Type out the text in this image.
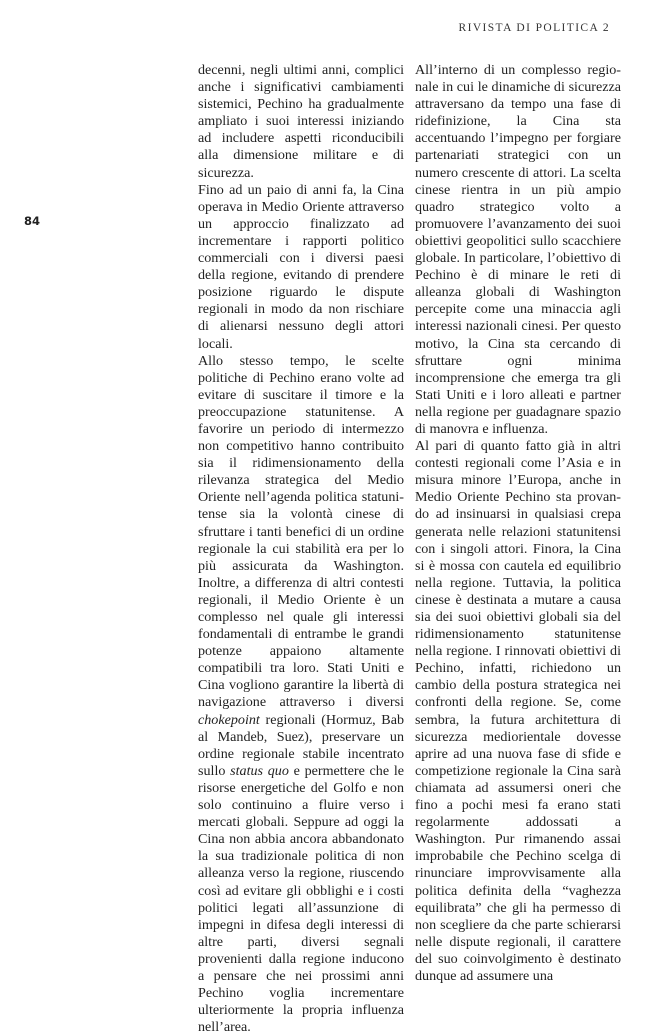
RIVISTA DI POLITICA 2
84

decenni, negli ultimi anni, complici anche i significativi cambiamenti sistemici, Pechino ha gradualmente ampliato i suoi interessi iniziando ad includere aspetti riconducibili alla dimensione militare e di sicurezza.

Fino ad un paio di anni fa, la Cina operava in Medio Oriente attraverso un approccio finalizzato ad incrementare i rapporti politico commerciali con i diversi paesi della regione, evitando di prendere posizione riguardo le dispute regionali in modo da non rischiare di alienarsi nessuno degli attori locali.

Allo stesso tempo, le scelte politiche di Pechino erano volte ad evitare di suscitare il timore e la preoccupazione statunitense. A favorire un periodo di intermezzo non competitivo hanno contribuito sia il ridimensionamento della rilevanza strategica del Medio Oriente nell’agenda politica statunitense sia la volontà cinese di sfruttare i tanti benefici di un ordine regionale la cui stabilità era per lo più assicurata da Washington. Inoltre, a differenza di altri contesti regionali, il Medio Oriente è un complesso nel quale gli interessi fondamentali di entrambe le grandi potenze appaiono altamente compatibili tra loro. Stati Uniti e Cina vogliono garantire la libertà di navigazione attraverso i diversi chokepoint regionali (Hormuz, Bab al Mandeb, Suez), preservare un ordine regionale stabile incentrato sullo status quo e permettere che le risorse energetiche del Golfo e non solo continuino a fluire verso i mercati globali. Seppure ad oggi la Cina non abbia ancora abbandonato la sua tradizionale politica di non alleanza verso la regione, riuscendo così ad evitare gli obblighi e i costi politici legati all’assunzione di impegni in difesa degli interessi di altre parti, diversi segnali provenienti dalla regione inducono a pensare che nei prossimi anni Pechino voglia incrementare ulteriormente la propria influenza nell’area.

All’interno di un complesso regionale in cui le dinamiche di sicurezza attraversano da tempo una fase di ridefinizione, la Cina sta accentuando l’impegno per forgiare partenariati strategici con un numero crescente di attori. La scelta cinese rientra in un più ampio quadro strategico volto a promuovere l’avanzamento dei suoi obiettivi geopolitici sullo scacchiere globale. In particolare, l’obiettivo di Pechino è di minare le reti di alleanza globali di Washington percepite come una minaccia agli interessi nazionali cinesi. Per questo motivo, la Cina sta cercando di sfruttare ogni minima incomprensione che emerga tra gli Stati Uniti e i loro alleati e partner nella regione per guadagnare spazio di manovra e influenza.

Al pari di quanto fatto già in altri contesti regionali come l’Asia e in misura minore l’Europa, anche in Medio Oriente Pechino sta provando ad insinuarsi in qualsiasi crepa generata nelle relazioni statunitensi con i singoli attori. Finora, la Cina si è mossa con cautela ed equilibrio nella regione. Tuttavia, la politica cinese è destinata a mutare a causa sia dei suoi obiettivi globali sia del ridimensionamento statunitense nella regione. I rinnovati obiettivi di Pechino, infatti, richiedono un cambio della postura strategica nei confronti della regione. Se, come sembra, la futura architettura di sicurezza mediorientale dovesse aprire ad una nuova fase di sfide e competizione regionale la Cina sarà chiamata ad assumersi oneri che fino a pochi mesi fa erano stati regolarmente addossati a Washington. Pur rimanendo assai improbabile che Pechino scelga di rinunciare improvvisamente alla politica definita della “vaghezza equilibrata” che gli ha permesso di non scegliere da che parte schierarsi nelle dispute regionali, il carattere del suo coinvolgimento è destinato dunque ad assumere una
